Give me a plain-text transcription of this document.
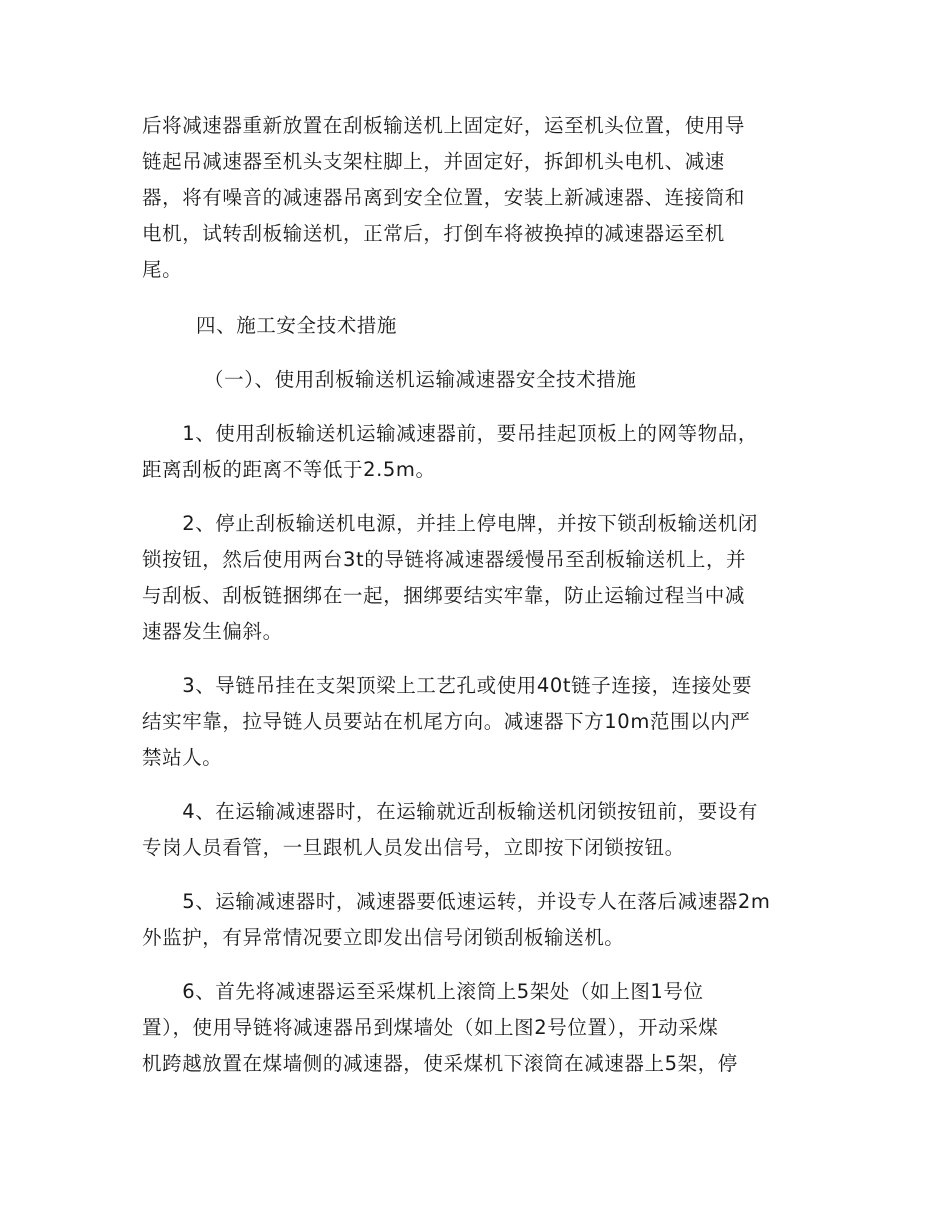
后将减速器重新放置在刮板输送机上固定好，运至机头位置，使用导
链起吊减速器至机头支架柱脚上，并固定好，拆卸机头电机、减速
器，将有噪音的减速器吊离到安全位置，安装上新减速器、连接筒和
电机，试转刮板输送机，正常后，打倒车将被换掉的减速器运至机
尾。
四、施工安全技术措施
（一）、使用刮板输送机运输减速器安全技术措施
　　1、使用刮板输送机运输减速器前，要吊挂起顶板上的网等物品，
距离刮板的距离不等低于2.5m。
　　2、停止刮板输送机电源，并挂上停电牌，并按下锁刮板输送机闭
锁按钮，然后使用两台3t的导链将减速器缓慢吊至刮板输送机上，并
与刮板、刮板链捆绑在一起，捆绑要结实牢靠，防止运输过程当中减
速器发生偏斜。
　　3、导链吊挂在支架顶梁上工艺孔或使用40t链子连接，连接处要
结实牢靠，拉导链人员要站在机尾方向。减速器下方10m范围以内严
禁站人。
　　4、在运输减速器时，在运输就近刮板输送机闭锁按钮前，要设有
专岗人员看管，一旦跟机人员发出信号，立即按下闭锁按钮。
　　5、运输减速器时，减速器要低速运转，并设专人在落后减速器2m
外监护，有异常情况要立即发出信号闭锁刮板输送机。
　　6、首先将减速器运至采煤机上滚筒上5架处（如上图1号位
置），使用导链将减速器吊到煤墙处（如上图2号位置），开动采煤
机跨越放置在煤墙侧的减速器，使采煤机下滚筒在减速器上5架，停
